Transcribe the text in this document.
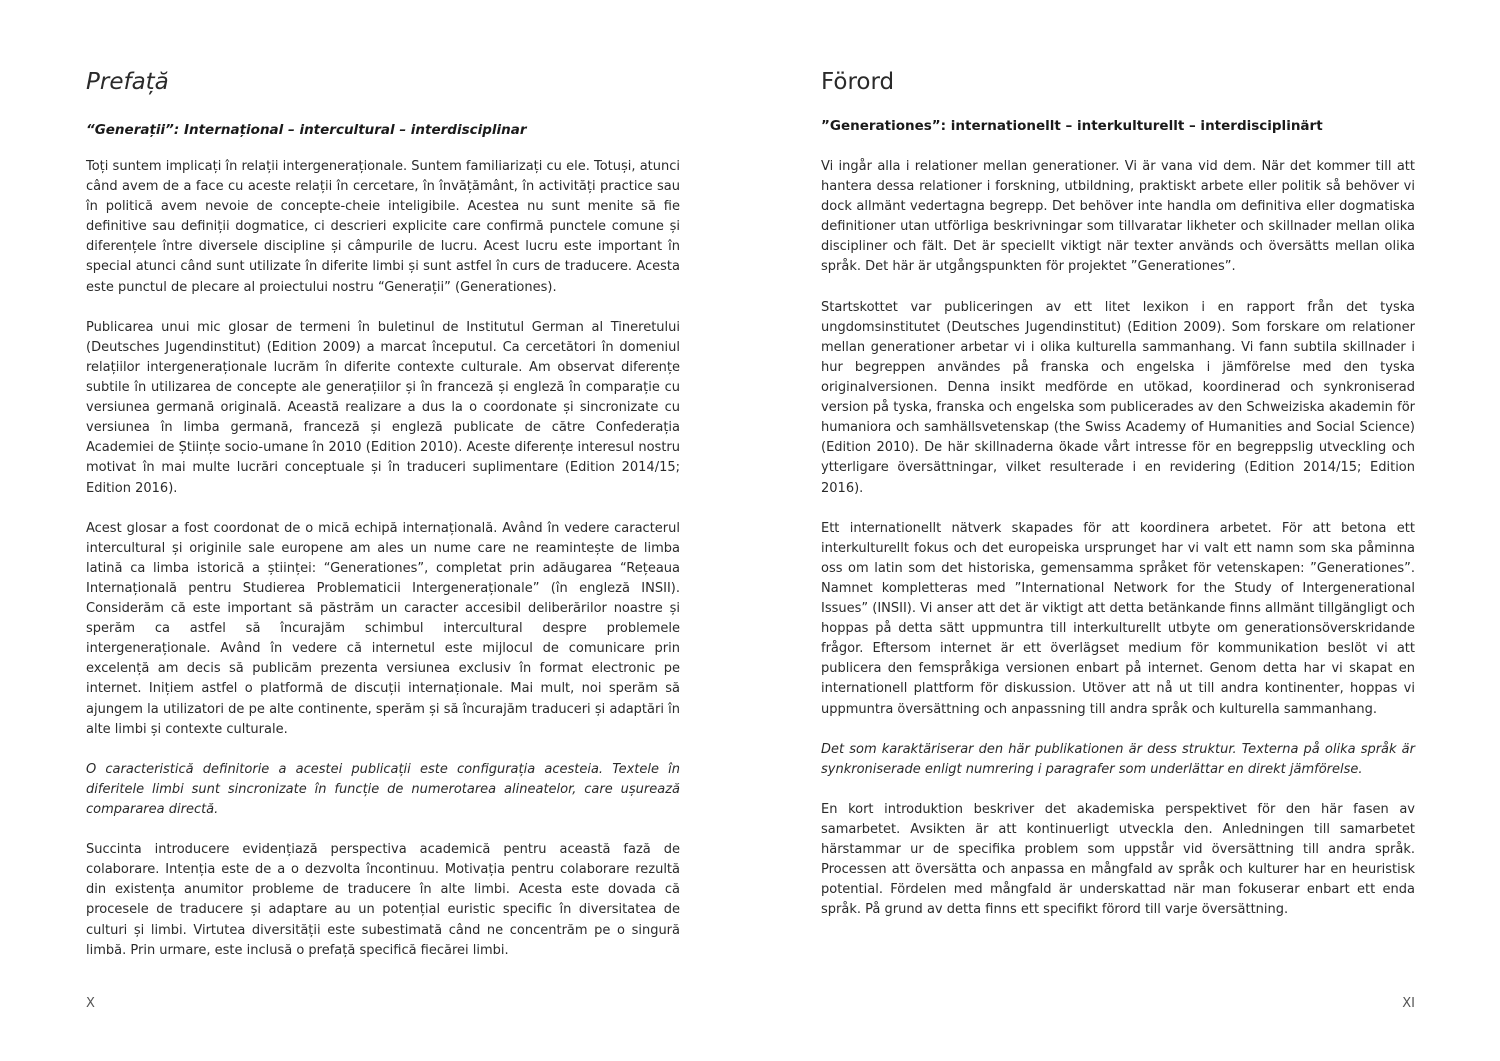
Prefață
“Generații”: Internațional – intercultural – interdisciplinar

Toți suntem implicați în relații intergeneraționale. Suntem familiarizați cu ele. Totuși, atunci când avem de a face cu aceste relații în cercetare, în învățământ, în activități practice sau în politică avem nevoie de concepte-cheie inteligibile. Acestea nu sunt menite să fie definitive sau definiții dogmatice, ci descrieri explicite care confirmă punctele comune și diferențele între diversele discipline și câmpurile de lucru. Acest lucru este important în special atunci când sunt utilizate în diferite limbi și sunt astfel în curs de traducere. Acesta este punctul de plecare al proiectului nostru “Generații” (Generationes).

Publicarea unui mic glosar de termeni în buletinul de Institutul German al Tineretului (Deutsches Jugendinstitut) (Edition 2009) a marcat începutul. Ca cercetători în domeniul relațiilor intergeneraționale lucrăm în diferite contexte culturale. Am observat diferențe subtile în utilizarea de concepte ale generațiilor și în franceză și engleză în comparație cu versiunea germană originală. Această realizare a dus la o coordonate și sincronizate cu versiunea în limba germană, franceză și engleză publicate de către Confederația Academiei de Științe socio-umane în 2010 (Edition 2010). Aceste diferențe interesul nostru motivat în mai multe lucrări conceptuale și în traduceri suplimentare (Edition 2014/15; Edition 2016).

Acest glosar a fost coordonat de o mică echipă internațională. Având în vedere caracterul intercultural și originile sale europene am ales un nume care ne reamintește de limba latină ca limba istorică a științei: “Generationes”, completat prin adăugarea “Rețeaua Internațională pentru Studierea Problematicii Intergeneraționale” (în engleză INSII). Considerăm că este important să păstrăm un caracter accesibil deliberărilor noastre și sperăm ca astfel să încurajăm schimbul intercultural despre problemele intergeneraționale. Având în vedere că internetul este mijlocul de comunicare prin excelență am decis să publicăm prezenta versiunea exclusiv în format electronic pe internet. Inițiem astfel o platformă de discuții internaționale. Mai mult, noi sperăm să ajungem la utilizatori de pe alte continente, sperăm și să încurajăm traduceri și adaptări în alte limbi și contexte culturale.

O caracteristică definitorie a acestei publicații este configurația acesteia. Textele în diferitele limbi sunt sincronizate în funcție de numerotarea alineatelor, care ușurează compararea directă.

Succinta introducere evidențiază perspectiva academică pentru această fază de colaborare. Intenția este de a o dezvolta încontinuu. Motivația pentru colaborare rezultă din existența anumitor probleme de traducere în alte limbi. Acesta este dovada că procesele de traducere și adaptare au un potențial euristic specific în diversitatea de culturi și limbi. Virtutea diversității este subestimată când ne concentrăm pe o singură limbă. Prin urmare, este inclusă o prefață specifică fiecărei limbi.

X
Förord
”Generationes”: internationellt – interkulturellt – interdisciplinärt

Vi ingår alla i relationer mellan generationer. Vi är vana vid dem. När det kommer till att hantera dessa relationer i forskning, utbildning, praktiskt arbete eller politik så behöver vi dock allmänt vedertagna begrepp. Det behöver inte handla om definitiva eller dogmatiska definitioner utan utförliga beskrivningar som tillvaratar likheter och skillnader mellan olika discipliner och fält. Det är speciellt viktigt när texter används och översätts mellan olika språk. Det här är utgångspunkten för projektet ”Generationes”.

Startskottet var publiceringen av ett litet lexikon i en rapport från det tyska ungdomsinstitutet (Deutsches Jugendinstitut) (Edition 2009). Som forskare om relationer mellan generationer arbetar vi i olika kulturella sammanhang. Vi fann subtila skillnader i hur begreppen användes på franska och engelska i jämförelse med den tyska originalversionen. Denna insikt medförde en utökad, koordinerad och synkroniserad version på tyska, franska och engelska som publicerades av den Schweiziska akademin för humaniora och samhällsvetenskap (the Swiss Academy of Humanities and Social Science) (Edition 2010). De här skillnaderna ökade vårt intresse för en begreppslig utveckling och ytterligare översättningar, vilket resulterade i en revidering (Edition 2014/15; Edition 2016).

Ett internationellt nätverk skapades för att koordinera arbetet. För att betona ett interkulturellt fokus och det europeiska ursprunget har vi valt ett namn som ska påminna oss om latin som det historiska, gemensamma språket för vetenskapen: ”Generationes”. Namnet kompletteras med ”International Network for the Study of Intergenerational Issues” (INSII). Vi anser att det är viktigt att detta betänkande finns allmänt tillgängligt och hoppas på detta sätt uppmuntra till interkulturellt utbyte om generationsöverskridande frågor. Eftersom internet är ett överlägset medium för kommunikation beslöt vi att publicera den femspråkiga versionen enbart på internet. Genom detta har vi skapat en internationell plattform för diskussion. Utöver att nå ut till andra kontinenter, hoppas vi uppmuntra översättning och anpassning till andra språk och kulturella sammanhang.

Det som karaktäriserar den här publikationen är dess struktur. Texterna på olika språk är synkroniserade enligt numrering i paragrafer som underlättar en direkt jämförelse.

En kort introduktion beskriver det akademiska perspektivet för den här fasen av samarbetet. Avsikten är att kontinuerligt utveckla den. Anledningen till samarbetet härstammar ur de specifika problem som uppstår vid översättning till andra språk. Processen att översätta och anpassa en mångfald av språk och kulturer har en heuristisk potential. Fördelen med mångfald är underskattad när man fokuserar enbart ett enda språk. På grund av detta finns ett specifikt förord till varje översättning.

XI
